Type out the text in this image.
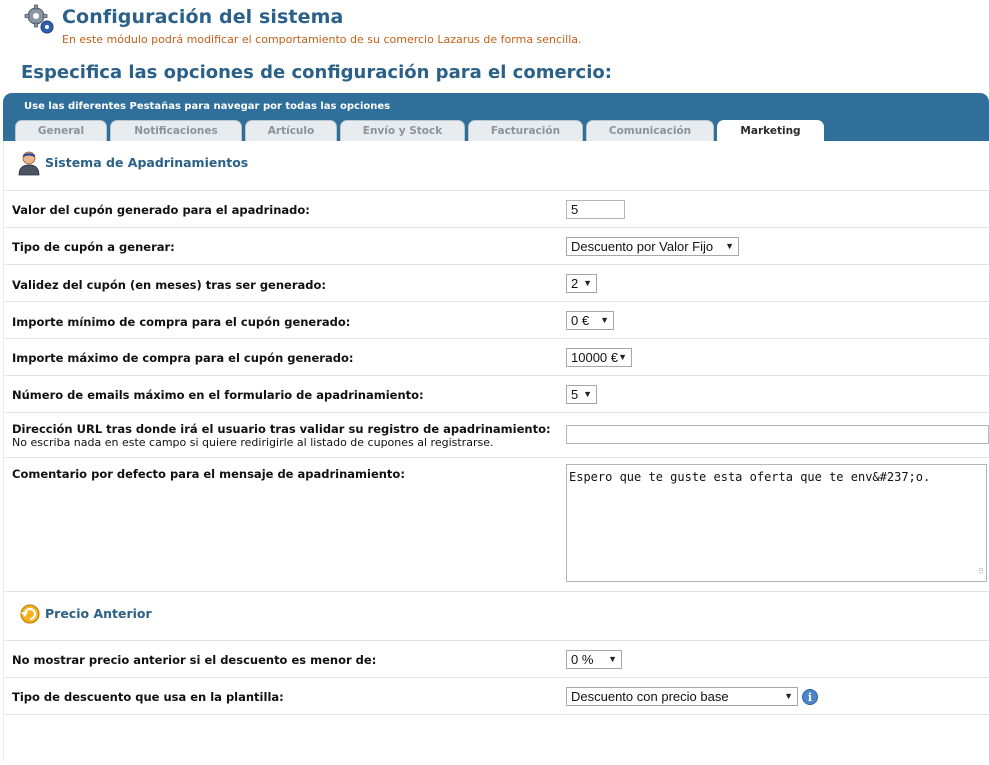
Configuración del sistema
En este módulo podrá modificar el comportamiento de su comercio Lazarus de forma sencilla.
Especifica las opciones de configuración para el comercio:
Use las diferentes Pestañas para navegar por todas las opciones
General	Notificaciones	Artículo	Envío y Stock	Facturación	Comunicación	Marketing
Sistema de Apadrinamientos
Valor del cupón generado para el apadrinado:	5
Tipo de cupón a generar:	Descuento por Valor Fijo ▼
Validez del cupón (en meses) tras ser generado:	2 ▼
Importe mínimo de compra para el cupón generado:	0 € ▼
Importe máximo de compra para el cupón generado:	10000 € ▼
Número de emails máximo en el formulario de apadrinamiento:	5 ▼
Dirección URL tras donde irá el usuario tras validar su registro de apadrinamiento:
No escriba nada en este campo si quiere redirigirle al listado de cupones al registrarse.
Comentario por defecto para el mensaje de apadrinamiento:	Espero que te guste esta oferta que te env&#237;o.
⠿
Precio Anterior
No mostrar precio anterior si el descuento es menor de:	0 % ▼
Tipo de descuento que usa en la plantilla:	Descuento con precio base	▼	i
